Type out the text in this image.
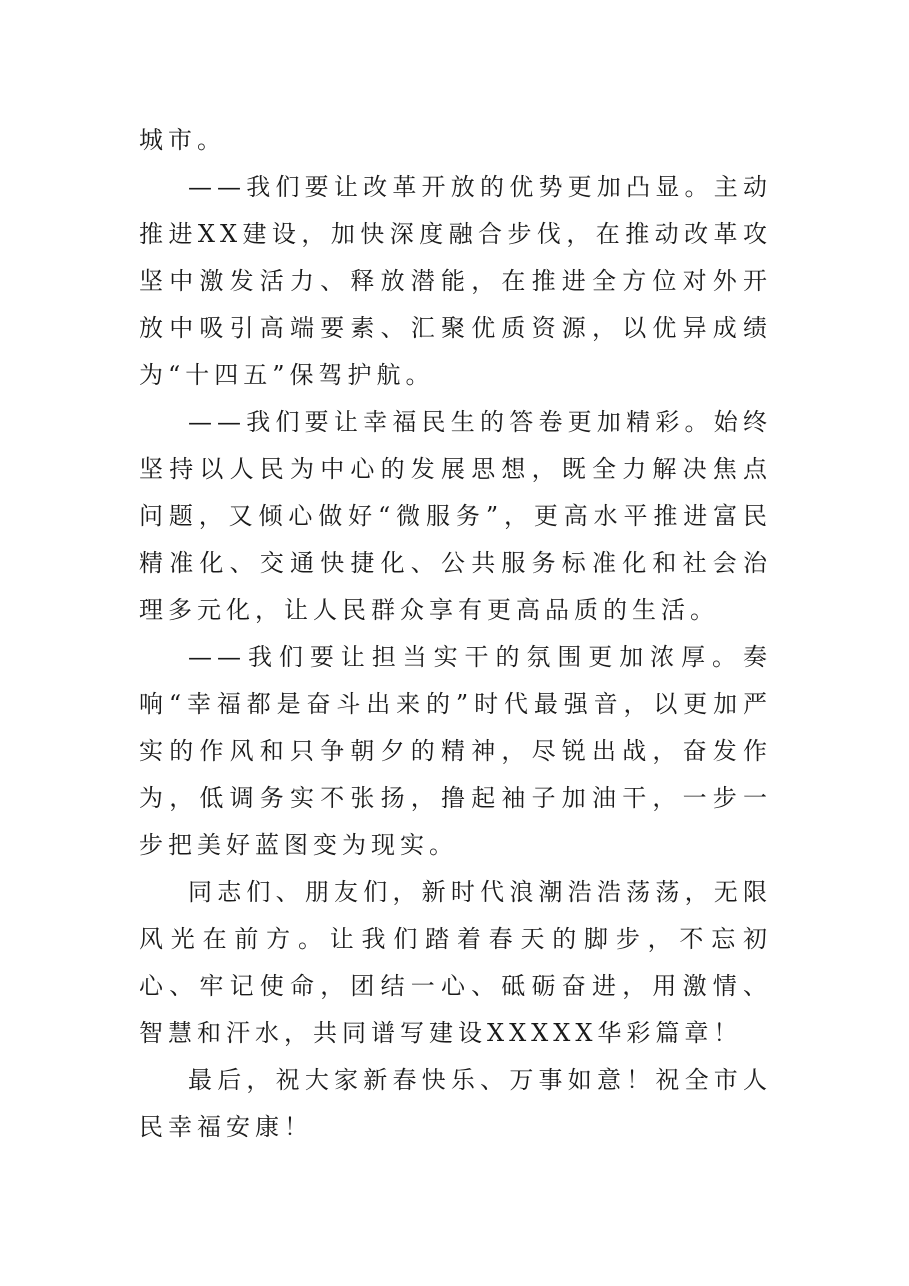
城市。

——我们要让改革开放的优势更加凸显。主动推进XX建设，加快深度融合步伐，在推动改革攻坚中激发活力、释放潜能，在推进全方位对外开放中吸引高端要素、汇聚优质资源，以优异成绩为“十四五”保驾护航。

——我们要让幸福民生的答卷更加精彩。始终坚持以人民为中心的发展思想，既全力解决焦点问题，又倾心做好“微服务”，更高水平推进富民精准化、交通快捷化、公共服务标准化和社会治理多元化，让人民群众享有更高品质的生活。

——我们要让担当实干的氛围更加浓厚。奏响“幸福都是奋斗出来的”时代最强音，以更加严实的作风和只争朝夕的精神，尽锐出战，奋发作为，低调务实不张扬，撸起袖子加油干，一步一步把美好蓝图变为现实。

同志们、朋友们，新时代浪潮浩浩荡荡，无限风光在前方。让我们踏着春天的脚步，不忘初心、牢记使命，团结一心、砥砺奋进，用激情、智慧和汗水，共同谱写建设XXXXX华彩篇章！

最后，祝大家新春快乐、万事如意！祝全市人民幸福安康！
